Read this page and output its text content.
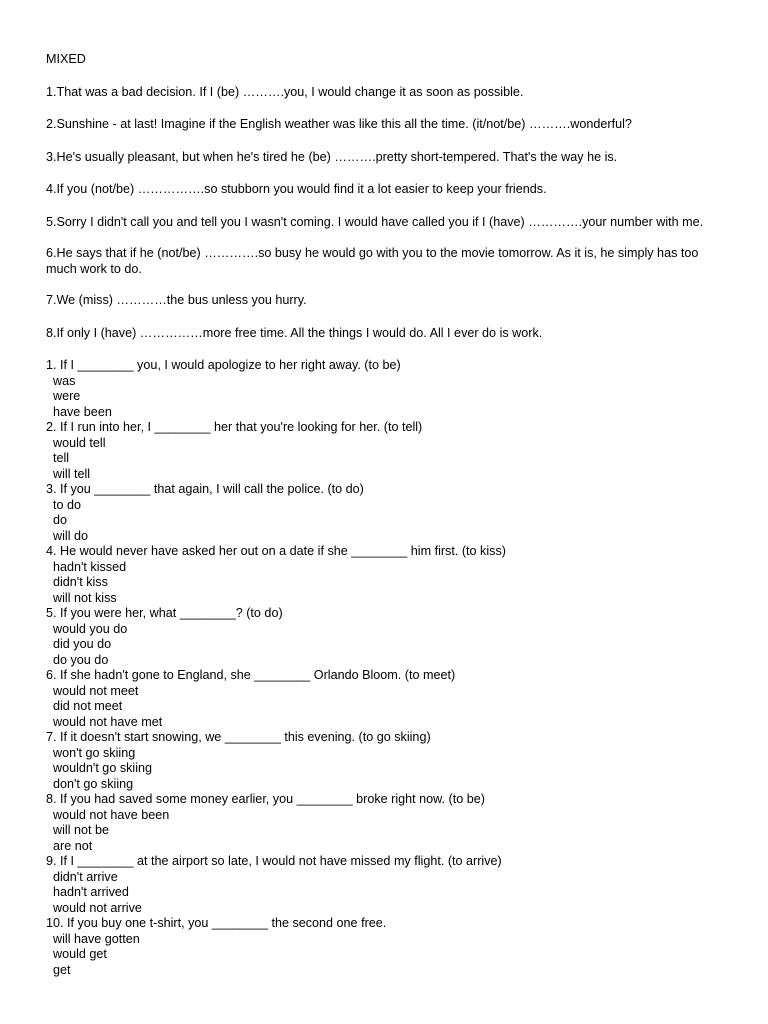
MIXED

1.That was a bad decision. If I (be) ……….you, I would change it as soon as possible.

2.Sunshine - at last! Imagine if the English weather was like this all the time. (it/not/be) ……….wonderful?

3.He's usually pleasant, but when he's tired he (be) ……….pretty short-tempered. That's the way he is.

4.If you (not/be) …………….so stubborn you would find it a lot easier to keep your friends.

5.Sorry I didn't call you and tell you I wasn't coming. I would have called you if I (have) ………….your number with me.

6.He says that if he (not/be) ………….so busy he would go with you to the movie tomorrow. As it is, he simply has too much work to do.

7.We (miss) …………the bus unless you hurry.

8.If only I (have) ……………more free time. All the things I would do. All I ever do is work.

1. If I ________ you, I would apologize to her right away. (to be)
was
were
have been
2. If I run into her, I ________ her that you're looking for her. (to tell)
would tell
tell
will tell
3. If you ________ that again, I will call the police. (to do)
to do
do
will do
4. He would never have asked her out on a date if she ________ him first. (to kiss)
hadn't kissed
didn't kiss
will not kiss
5. If you were her, what ________? (to do)
would you do
did you do
do you do
6. If she hadn't gone to England, she ________ Orlando Bloom. (to meet)
would not meet
did not meet
would not have met
7. If it doesn't start snowing, we ________ this evening. (to go skiing)
won't go skiing
wouldn't go skiing
don't go skiing
8. If you had saved some money earlier, you ________ broke right now. (to be)
would not have been
will not be
are not
9. If I ________ at the airport so late, I would not have missed my flight. (to arrive)
didn't arrive
hadn't arrived
would not arrive
10. If you buy one t-shirt, you ________ the second one free.
will have gotten
would get
get
